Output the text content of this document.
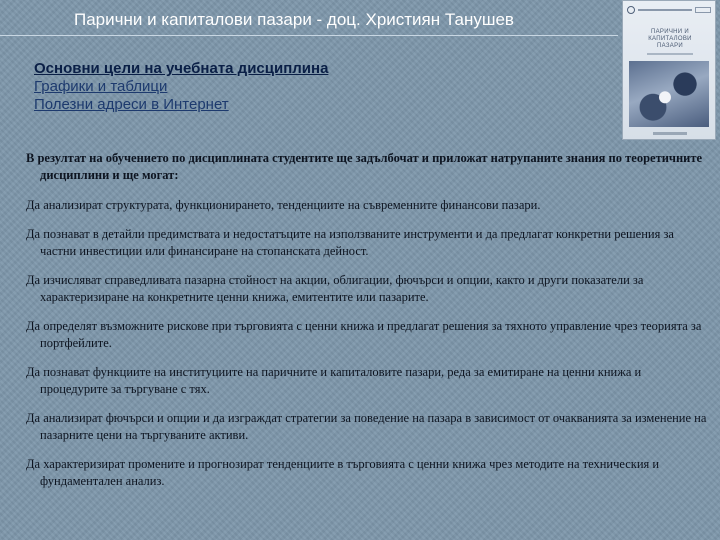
Парични и капиталови пазари - доц. Християн Танушев
Основни цели на учебната дисциплина
Графики и таблици
Полезни адреси в Интернет
ПАРИЧНИ И
КАПИТАЛОВИ ПАЗАРИ

В резултат на обучението по дисциплината студентите ще задълбочат и приложат натрупаните знания по теоретичните дисциплини и ще могат:

Да анализират структурата, функционирането, тенденциите на съвременните финансови пазари.

Да познават в детайли предимствата и недостатъците на използваните инструменти и да предлагат конкретни решения за частни инвестиции или финансиране на стопанската дейност.

Да изчисляват справедливата пазарна стойност на акции, облигации, фючърси и опции, както и други показатели за характеризиране на конкретните ценни книжа, емитентите или пазарите.

Да определят възможните рискове при търговията с ценни книжа и предлагат решения за тяхното управление чрез теорията за портфейлите.

Да познават функциите на институциите на паричните и капиталовите пазари, реда за емитиране на ценни книжа и процедурите за търгуване с тях.

Да анализират фючърси и опции и да изграждат стратегии за поведение на пазара в зависимост от очакванията за изменение на пазарните цени на търгуваните активи.

Да характеризират промените и прогнозират тенденциите в търговията с ценни книжа чрез методите на техническия и фундаментален анализ.
